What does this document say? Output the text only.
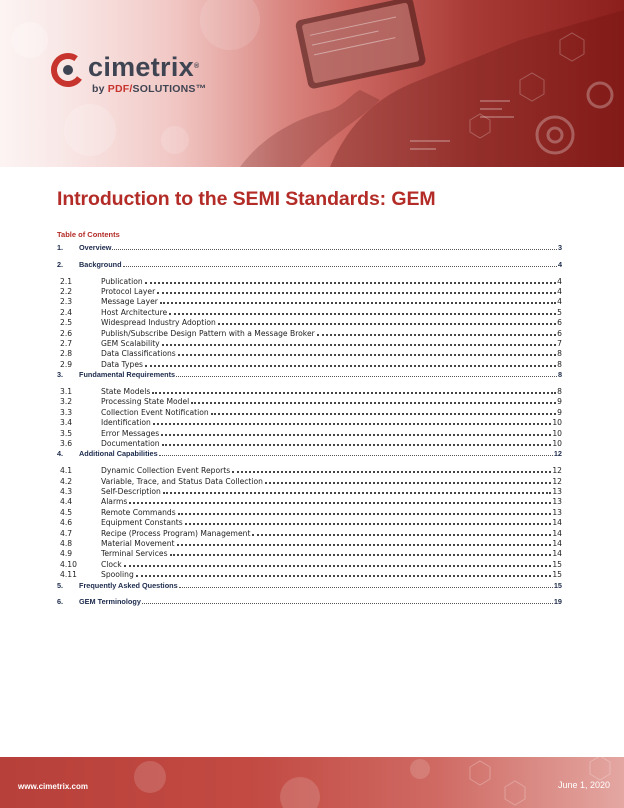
cimetrix®
by PDF/SOLUTIONS™
Introduction to the SEMI Standards: GEM
Table of Contents
1.	Overview	3
2.	Background	4
2.1	Publication	4
2.2	Protocol Layer	4
2.3	Message Layer	4
2.4	Host Architecture	5
2.5	Widespread Industry Adoption	6
2.6	Publish/Subscribe Design Pattern with a Message Broker	6
2.7	GEM Scalability	7
2.8	Data Classifications	8
2.9	Data Types	8
3.	Fundamental Requirements	8
3.1	State Models	8
3.2	Processing State Model	9
3.3	Collection Event Notification	9
3.4	Identification	10
3.5	Error Messages	10
3.6	Documentation	10
4.	Additional Capabilities	12
4.1	Dynamic Collection Event Reports	12
4.2	Variable, Trace, and Status Data Collection	12
4.3	Self-Description	13
4.4	Alarms	13
4.5	Remote Commands	13
4.6	Equipment Constants	14
4.7	Recipe (Process Program) Management	14
4.8	Material Movement	14
4.9	Terminal Services	14
4.10	Clock	15
4.11	Spooling	15
5.	Frequently Asked Questions	15
6.	GEM Terminology	19
www.cimetrix.com	June 1, 2020
